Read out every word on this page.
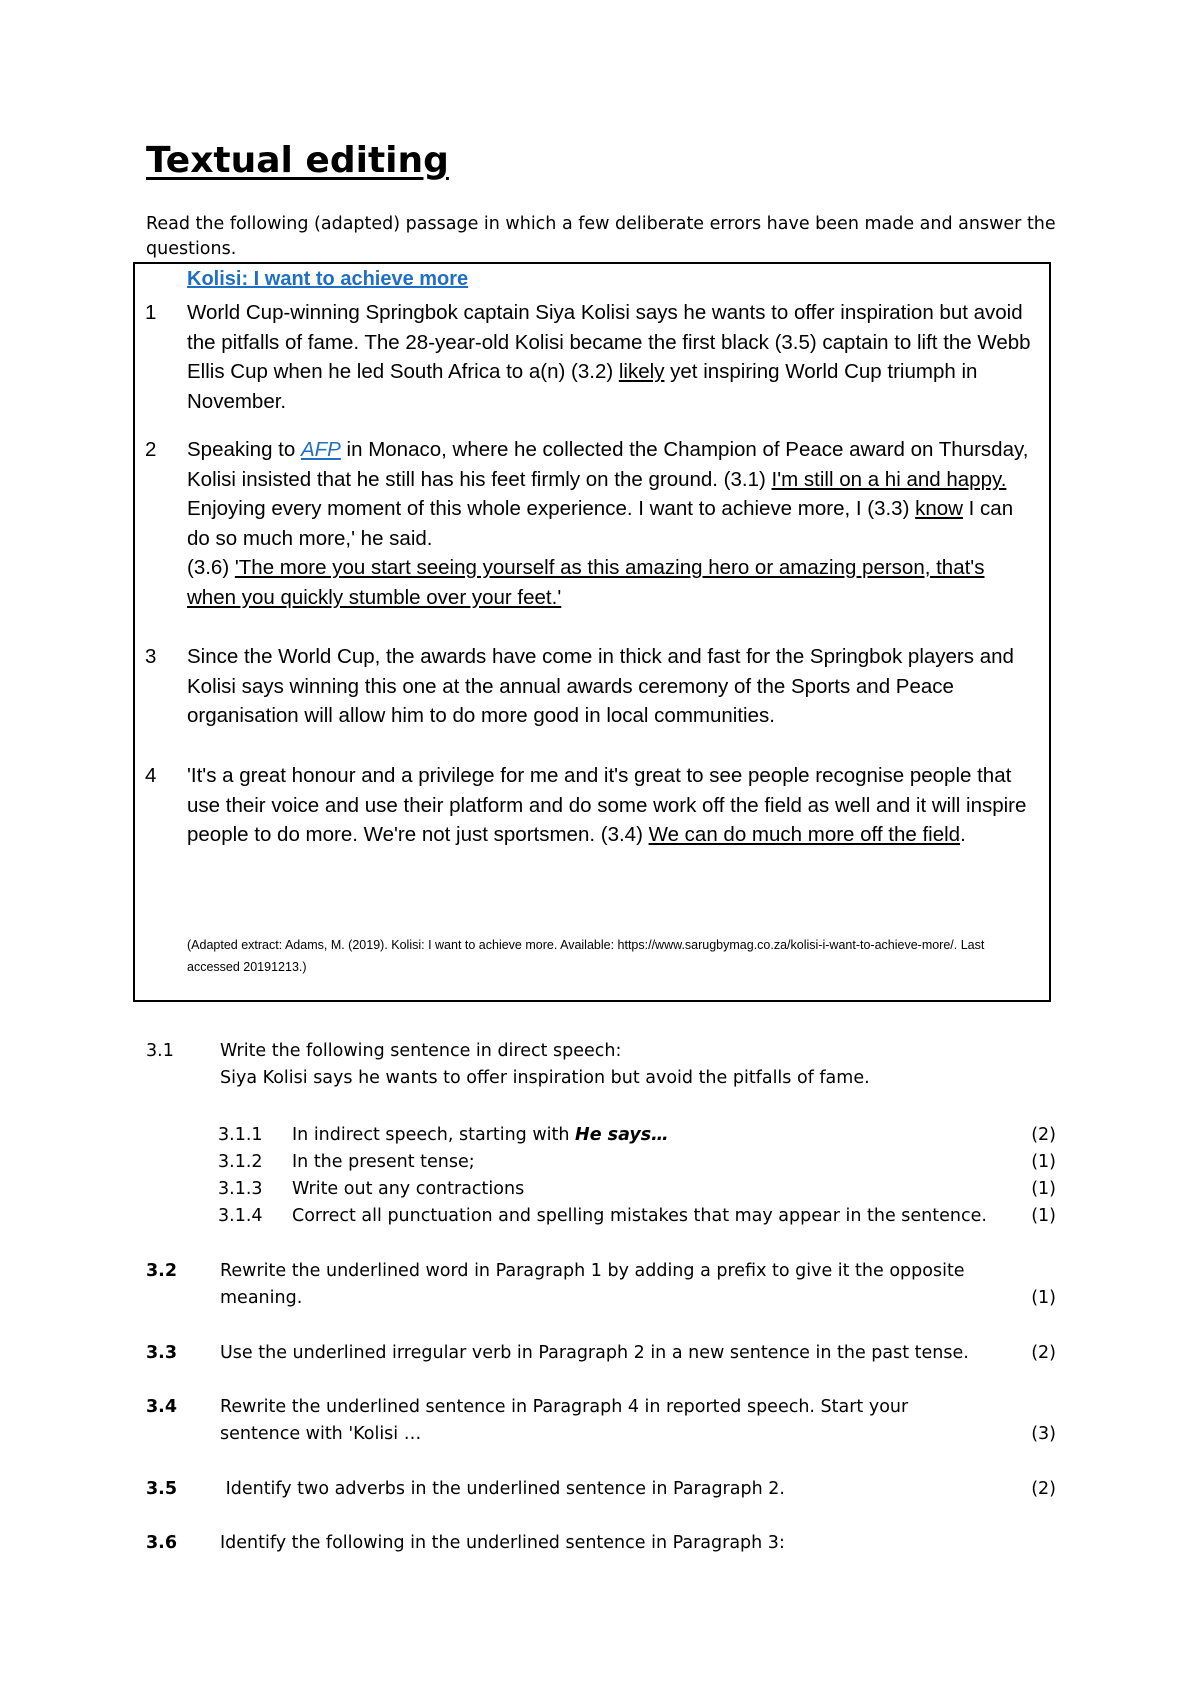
Textual editing

Read the following (adapted) passage in which a few deliberate errors have been made and answer the questions.

Kolisi: I want to achieve more
1	World Cup-winning Springbok captain Siya Kolisi says he wants to offer inspiration but avoid the pitfalls of fame. The 28-year-old Kolisi became the first black (3.5) captain to lift the Webb Ellis Cup when he led South Africa to a(n) (3.2) likely yet inspiring World Cup triumph in November.
2	Speaking to AFP in Monaco, where he collected the Champion of Peace award on Thursday, Kolisi insisted that he still has his feet firmly on the ground. (3.1) I'm still on a hi and happy. Enjoying every moment of this whole experience. I want to achieve more, I (3.3) know I can do so much more,' he said.
(3.6) 'The more you start seeing yourself as this amazing hero or amazing person, that's when you quickly stumble over your feet.'
3	Since the World Cup, the awards have come in thick and fast for the Springbok players and Kolisi says winning this one at the annual awards ceremony of the Sports and Peace organisation will allow him to do more good in local communities.
4	'It's a great honour and a privilege for me and it's great to see people recognise people that use their voice and use their platform and do some work off the field as well and it will inspire people to do more. We're not just sportsmen. (3.4) We can do much more off the field.
(Adapted extract: Adams, M. (2019). Kolisi: I want to achieve more. Available: https://www.sarugbymag.co.za/kolisi-i-want-to-achieve-more/. Last accessed 20191213.)
3.1	Write the following sentence in direct speech:
Siya Kolisi says he wants to offer inspiration but avoid the pitfalls of fame.
3.1.1 In indirect speech, starting with He says…	(2)
3.1.2 In the present tense;	(1)
3.1.3 Write out any contractions	(1)
3.1.4 Correct all punctuation and spelling mistakes that may appear in the sentence.	(1)
3.2 Rewrite the underlined word in Paragraph 1 by adding a prefix to give it the opposite
meaning.	(1)
3.3 Use the underlined irregular verb in Paragraph 2 in a new sentence in the past tense.	(2)
3.4 Rewrite the underlined sentence in Paragraph 4 in reported speech. Start your
sentence with 'Kolisi …	(3)
3.5 Identify two adverbs in the underlined sentence in Paragraph 2.	(2)
3.6 Identify the following in the underlined sentence in Paragraph 3:
